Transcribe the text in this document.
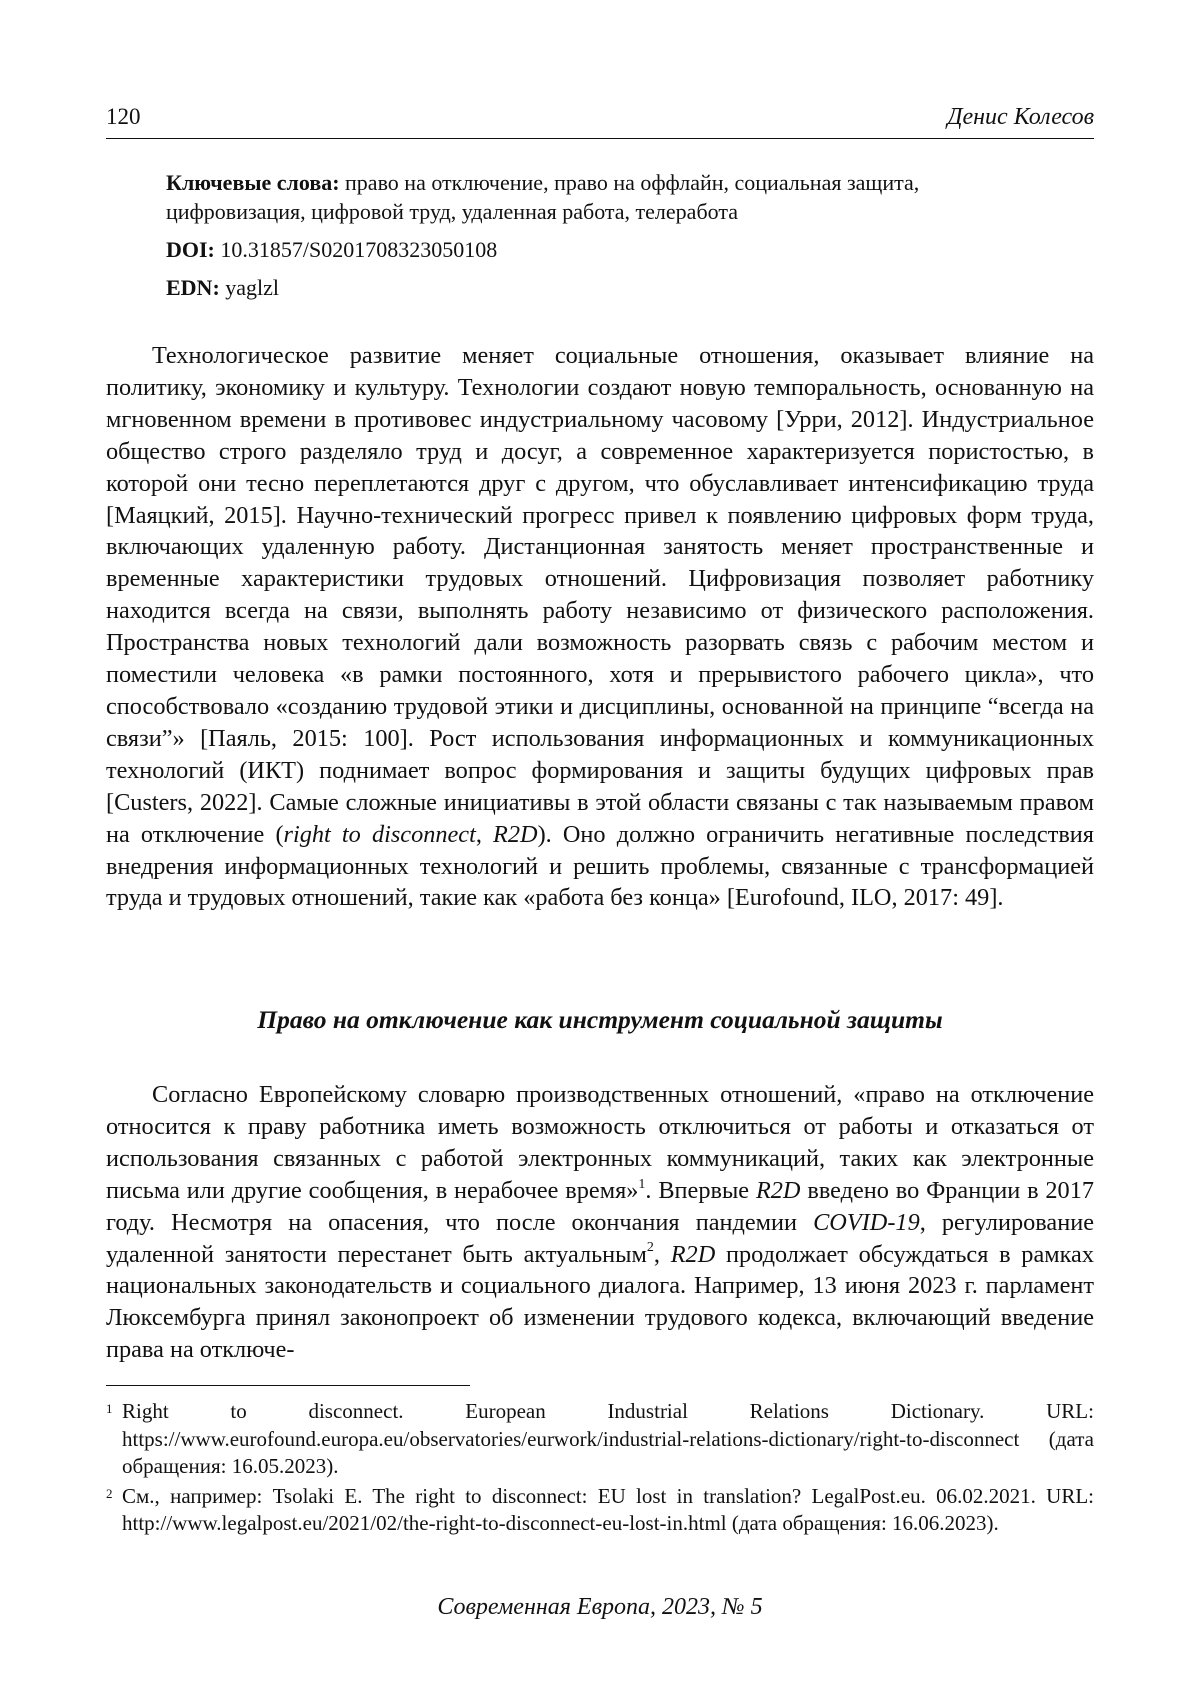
120	Денис Колесов

Ключевые слова: право на отключение, право на оффлайн, социальная защита,
цифровизация, цифровой труд, удаленная работа, телеработа

DOI: 10.31857/S0201708323050108

EDN: yaglzl

Технологическое развитие меняет социальные отношения, оказывает влияние на политику, экономику и культуру. Технологии создают новую темпоральность, основанную на мгновенном времени в противовес индустриальному часовому [Урри, 2012]. Индустриальное общество строго разделяло труд и досуг, а современное характеризуется пористостью, в которой они тесно переплетаются друг с другом, что обуславливает интенсификацию труда [Маяцкий, 2015]. Научно-технический прогресс привел к появлению цифровых форм труда, включающих удаленную работу. Дистанционная занятость меняет пространственные и временные характеристики трудовых отношений. Цифровизация позволяет работнику находится всегда на связи, выполнять работу независимо от физического расположения. Пространства новых технологий дали возможность разорвать связь с рабочим местом и поместили человека «в рамки постоянного, хотя и прерывистого рабочего цикла», что способствовало «созданию трудовой этики и дисциплины, основанной на принципе “всегда на связи”» [Паяль, 2015: 100]. Рост использования информационных и коммуникационных технологий (ИКТ) поднимает вопрос формирования и защиты будущих цифровых прав [Custers, 2022]. Самые сложные инициативы в этой области связаны с так называемым правом на отключение (right to disconnect, R2D). Оно должно ограничить негативные последствия внедрения информационных технологий и решить проблемы, связанные с трансформацией труда и трудовых отношений, такие как «работа без конца» [Eurofound, ILO, 2017: 49].

Право на отключение как инструмент социальной защиты

Согласно Европейскому словарю производственных отношений, «право на отключение относится к праву работника иметь возможность отключиться от работы и отказаться от использования связанных с работой электронных коммуникаций, таких как электронные письма или другие сообщения, в нерабочее время»$^1$. Впервые R2D введено во Франции в 2017 году. Несмотря на опасения, что после окончания пандемии COVID-19, регулирование удаленной занятости перестанет быть актуальным$^2$, R2D продолжает обсуждаться в рамках национальных законодательств и социального диалога. Например, 13 июня 2023 г. парламент Люксембурга принял законопроект об изменении трудового кодекса, включающий введение права на отключе-

1 Right	to	disconnect.	European	Industrial	Relations	Dictionary.	URL:
https://www.eurofound.europa.eu/observatories/eurwork/industrial-relations-dictionary/right-to-disconnect (дата обращения: 16.05.2023).
2 См., например: Tsolaki E. The right to disconnect: EU lost in translation? LegalPost.eu. 06.02.2021. URL: http://www.legalpost.eu/2021/02/the-right-to-disconnect-eu-lost-in.html (дата обращения: 16.06.2023).
Современная Европа, 2023, № 5
